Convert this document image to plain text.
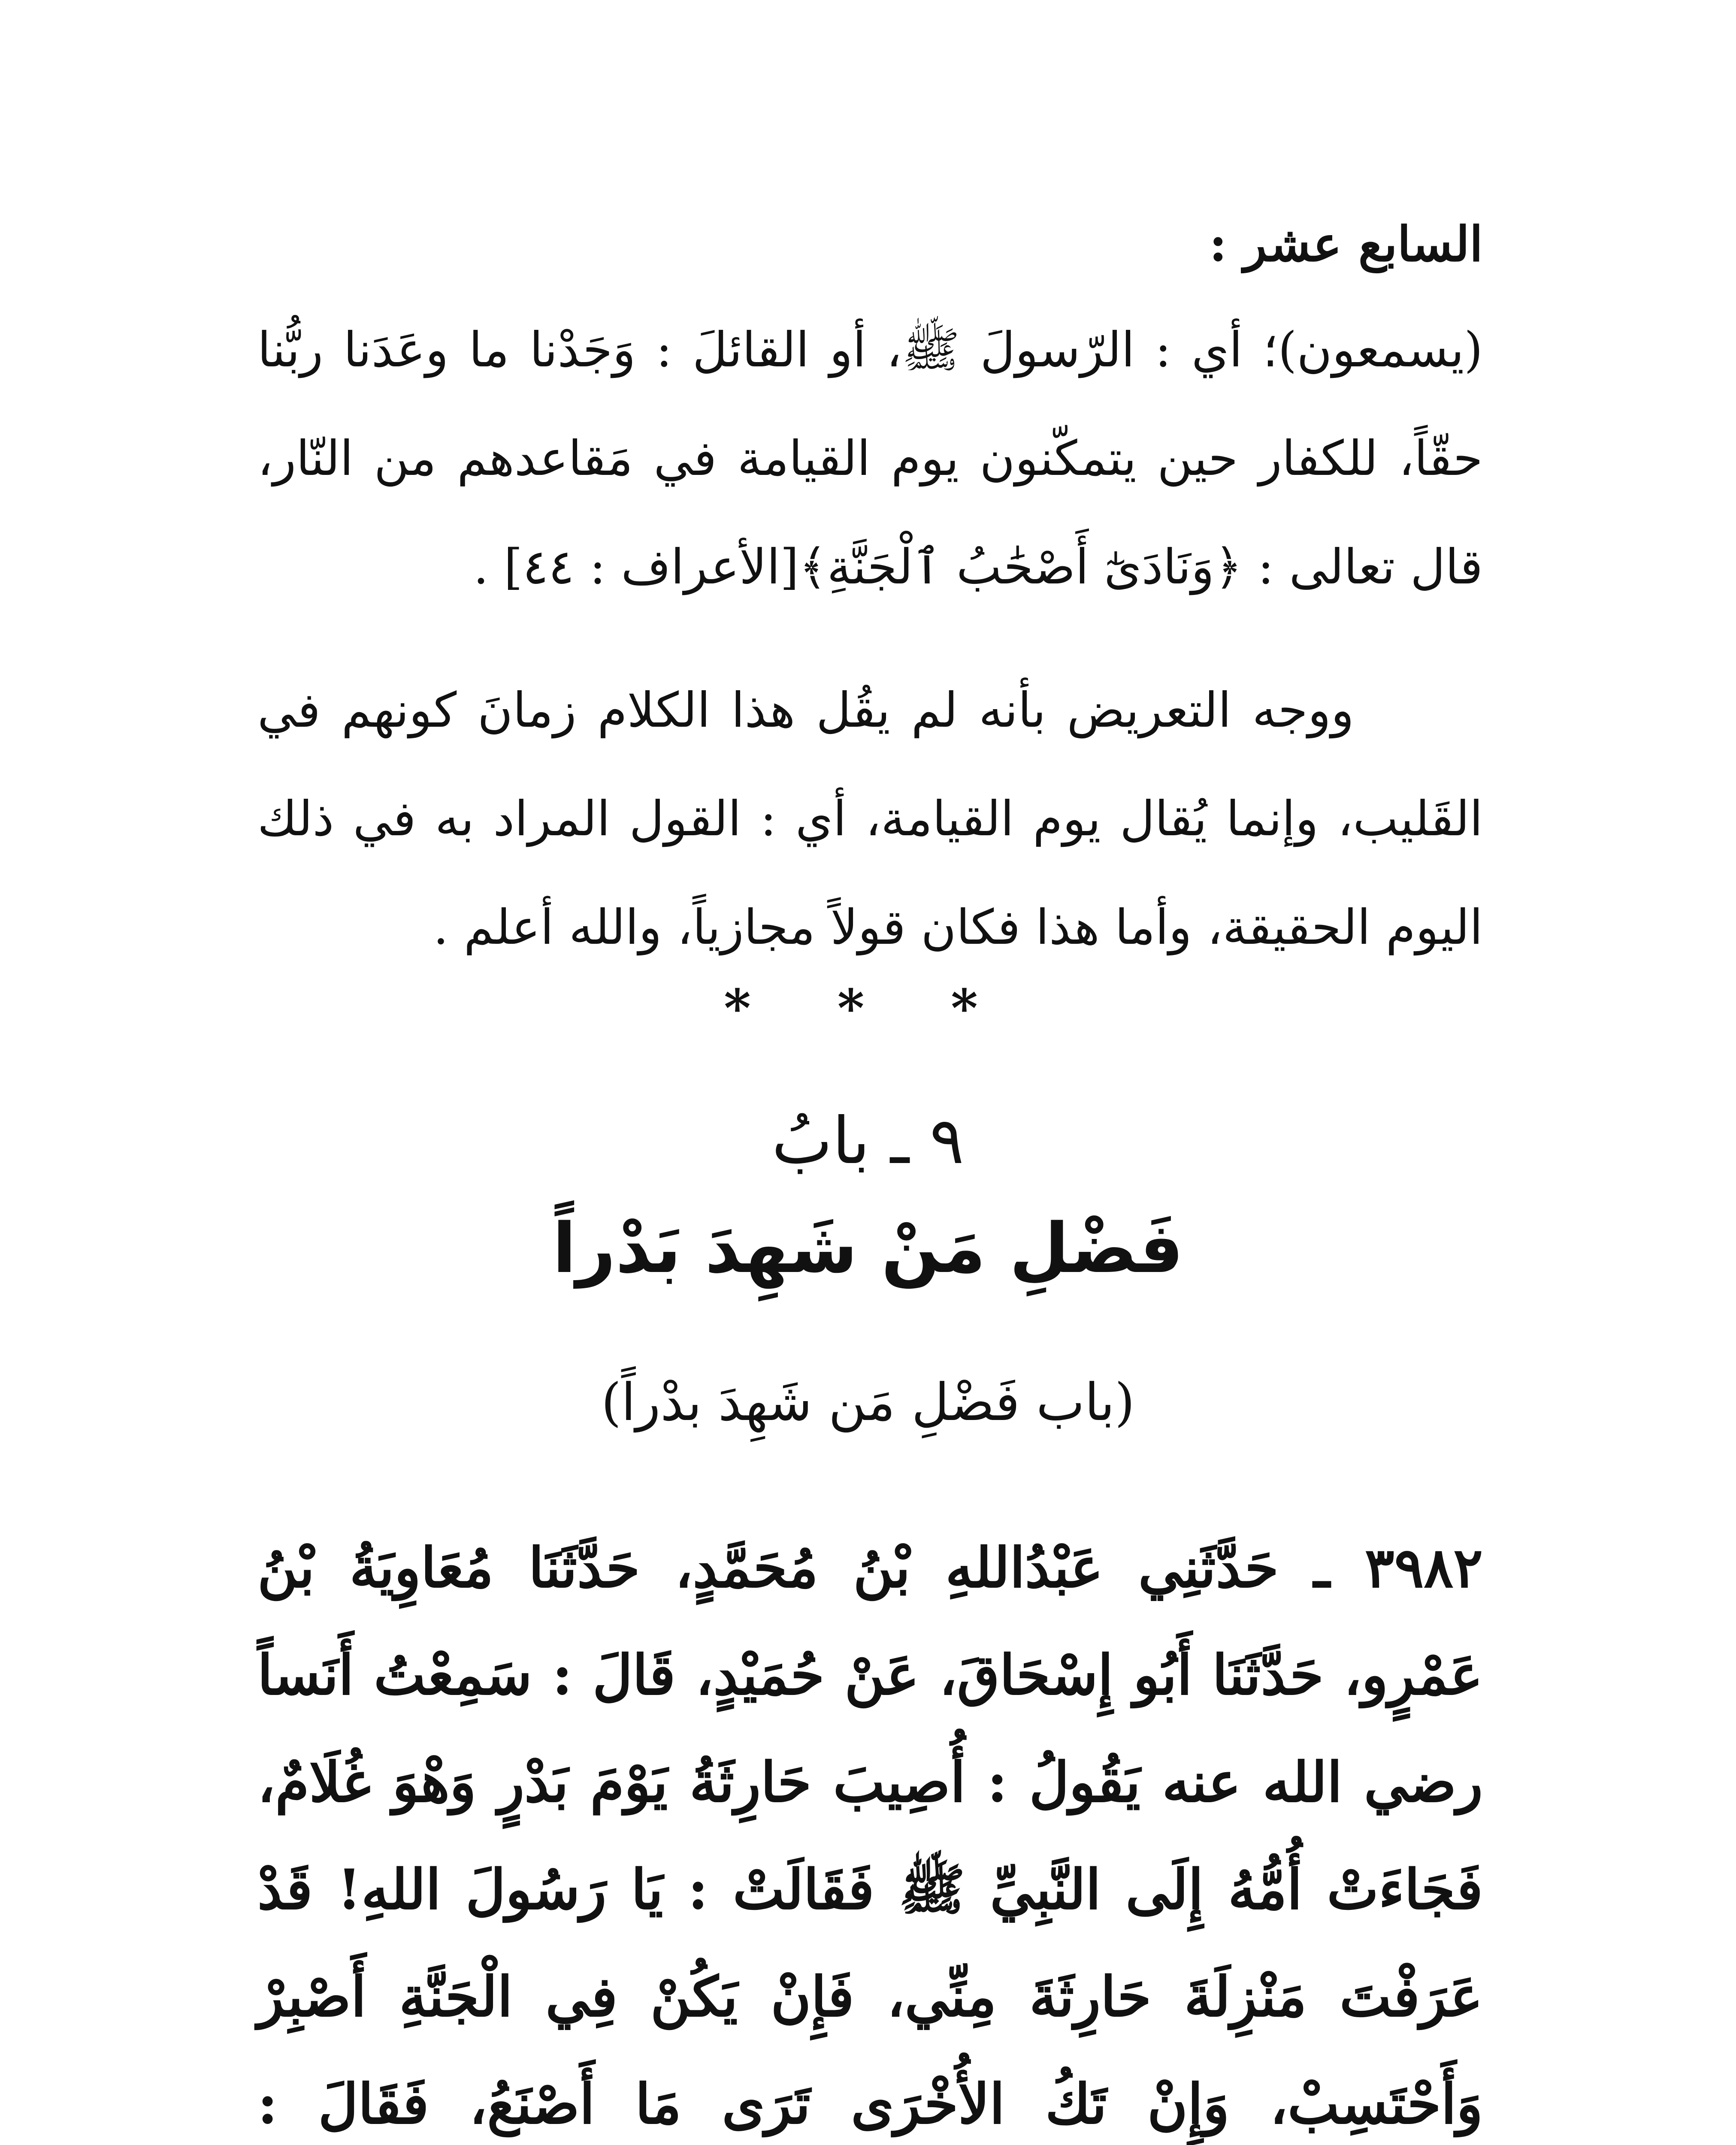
السابع عشر :

(يسمعون)؛ أي : الرّسولَ ﷺ، أو القائلَ : وَجَدْنا ما وعَدَنا ربُّنا حقّاً، للكفار حين يتمكّنون يوم القيامة في مَقاعدهم من النّار، قال تعالى : ﴿وَنَادَىٰٓ أَصْحَٰبُ ٱلْجَنَّةِ﴾[الأعراف : ٤٤] .

ووجه التعريض بأنه لم يقُل هذا الكلام زمانَ كونهم في القَليب، وإنما يُقال يوم القيامة، أي : القول المراد به في ذلك اليوم الحقيقة، وأما هذا فكان قولاً مجازياً، والله أعلم .

* * *
٩ ـ بابُ
فَضْلِ مَنْ شَهِدَ بَدْراً
(باب فَضْلِ مَن شَهِدَ بدْراً)

٣٩٨٢ ـ حَدَّثَنِي عَبْدُاللهِ بْنُ مُحَمَّدٍ، حَدَّثَنَا مُعَاوِيَةُ بْنُ عَمْرٍو، حَدَّثَنَا أَبُو إِسْحَاقَ، عَنْ حُمَيْدٍ، قَالَ : سَمِعْتُ أَنَساً رضي الله عنه يَقُولُ : أُصِيبَ حَارِثَةُ يَوْمَ بَدْرٍ وَهْوَ غُلَامٌ، فَجَاءَتْ أُمُّهُ إِلَى النَّبِيِّ ﷺ فَقَالَتْ : يَا رَسُولَ اللهِ! قَدْ عَرَفْتَ مَنْزِلَةَ حَارِثَةَ مِنِّي، فَإِنْ يَكُنْ فِي الْجَنَّةِ أَصْبِرْ وَأَحْتَسِبْ، وَإِنْ تَكُ الأُخْرَى تَرَى مَا أَصْنَعُ، فَقَالَ :
